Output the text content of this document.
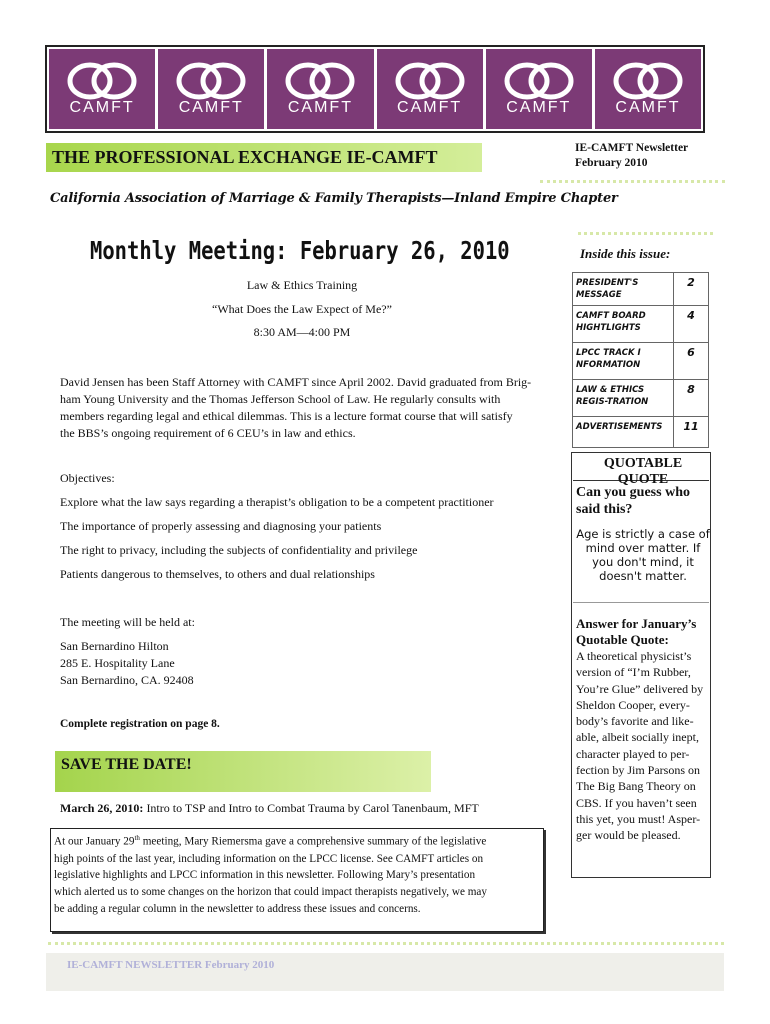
CAMFT	CAMFT	CAMFT	CAMFT	CAMFT	CAMFT
THE PROFESSIONAL EXCHANGE IE-CAMFT	IE-CAMFT Newsletter
February 2010
California Association of Marriage & Family Therapists—Inland Empire Chapter
Monthly Meeting: February 26, 2010
Law & Ethics Training
“What Does the Law Expect of Me?”
8:30 AM—4:00 PM
David Jensen has been Staff Attorney with CAMFT since April 2002. David graduated from Brig-
ham Young University and the Thomas Jefferson School of Law. He regularly consults with
members regarding legal and ethical dilemmas. This is a lecture format course that will satisfy
the BBS’s ongoing requirement of 6 CEU’s in law and ethics.
Objectives:
Explore what the law says regarding a therapist’s obligation to be a competent practitioner
The importance of properly assessing and diagnosing your patients
The right to privacy, including the subjects of confidentiality and privilege
Patients dangerous to themselves, to others and dual relationships
The meeting will be held at:
San Bernardino Hilton
285 E. Hospitality Lane
San Bernardino, CA. 92408
Complete registration on page 8.
SAVE THE DATE!
March 26, 2010: Intro to TSP and Intro to Combat Trauma by Carol Tanenbaum, MFT
At our January 29th meeting, Mary Riemersma gave a comprehensive summary of the legislative
high points of the last year, including information on the LPCC license. See CAMFT articles on
legislative highlights and LPCC information in this newsletter. Following Mary’s presentation
which alerted us to some changes on the horizon that could impact therapists negatively, we may
be adding a regular column in the newsletter to address these issues and concerns.
Inside this issue:
PRESIDENT'S MESSAGE	2
CAMFT BOARD HIGHTLIGHTS	4
LPCC TRACK I NFORMATION	6
LAW & ETHICS REGIS-TRATION	8
ADVERTISEMENTS	11
QUOTABLE QUOTE
Can you guess who said this?
Age is strictly a case of mind over matter. If you don't mind, it doesn't matter.
Answer for January’s Quotable Quote:
A theoretical physicist’s
version of “I’m Rubber,
You’re Glue” delivered by
Sheldon Cooper, every-
body’s favorite and like-
able, albeit socially inept,
character played to per-
fection by Jim Parsons on
The Big Bang Theory on
CBS. If you haven’t seen
this yet, you must! Asper-
ger would be pleased.
IE-CAMFT NEWSLETTER February 2010
